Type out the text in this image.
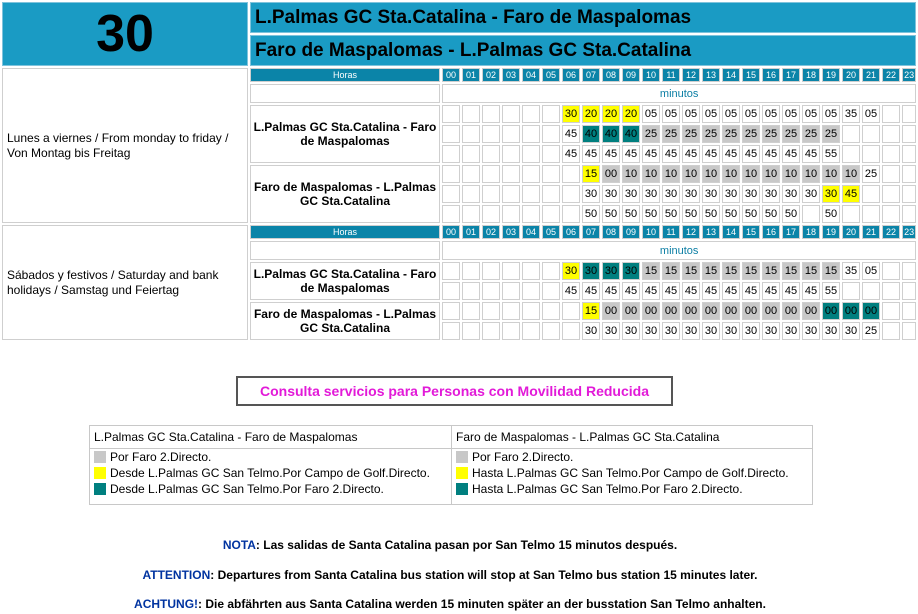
30	L.Palmas GC Sta.Catalina - Faro de Maspalomas																								
	Faro de Maspalomas - L.Palmas GC Sta.Catalina																								
Lunes a viernes / From monday to friday / Von Montag bis Freitag	Horas	00	01	02	03	04	05	06	07	08	09	10	11	12	13	14	15	16	17	18	19	20	21	22	23
		minutos																							
	L.Palmas GC Sta.Catalina - Faro de Maspalomas							30	20	20	20	05	05	05	05	05	05	05	05	05	05	35	05		
								45	40	40	40	25	25	25	25	25	25	25	25	25	25				
								45	45	45	45	45	45	45	45	45	45	45	45	45	55				
	Faro de Maspalomas - L.Palmas GC Sta.Catalina								15	00	10	10	10	10	10	10	10	10	10	10	10	10	25		
									30	30	30	30	30	30	30	30	30	30	30	30	30	45			
									50	50	50	50	50	50	50	50	50	50	50		50				
Sábados y festivos / Saturday and bank holidays / Samstag und Feiertag	Horas	00	01	02	03	04	05	06	07	08	09	10	11	12	13	14	15	16	17	18	19	20	21	22	23
		minutos																							
	L.Palmas GC Sta.Catalina - Faro de Maspalomas							30	30	30	30	15	15	15	15	15	15	15	15	15	15	35	05		
								45	45	45	45	45	45	45	45	45	45	45	45	45	55				
	Faro de Maspalomas - L.Palmas GC Sta.Catalina								15	00	00	00	00	00	00	00	00	00	00	00	00	00	00		
									30	30	30	30	30	30	30	30	30	30	30	30	30	30	25		
Consulta servicios para Personas con Movilidad Reducida
L.Palmas GC Sta.Catalina - Faro de Maspalomas
Por Faro 2.Directo.
Desde L.Palmas GC San Telmo.Por Campo de Golf.Directo.
Desde L.Palmas GC San Telmo.Por Faro 2.Directo.
Faro de Maspalomas - L.Palmas GC Sta.Catalina
Por Faro 2.Directo.
Hasta L.Palmas GC San Telmo.Por Campo de Golf.Directo.
Hasta L.Palmas GC San Telmo.Por Faro 2.Directo.
NOTA: Las salidas de Santa Catalina pasan por San Telmo 15 minutos después.
ATTENTION: Departures from Santa Catalina bus station will stop at San Telmo bus station 15 minutes later.
ACHTUNG!: Die abfährten aus Santa Catalina werden 15 minuten später an der busstation San Telmo anhalten.
